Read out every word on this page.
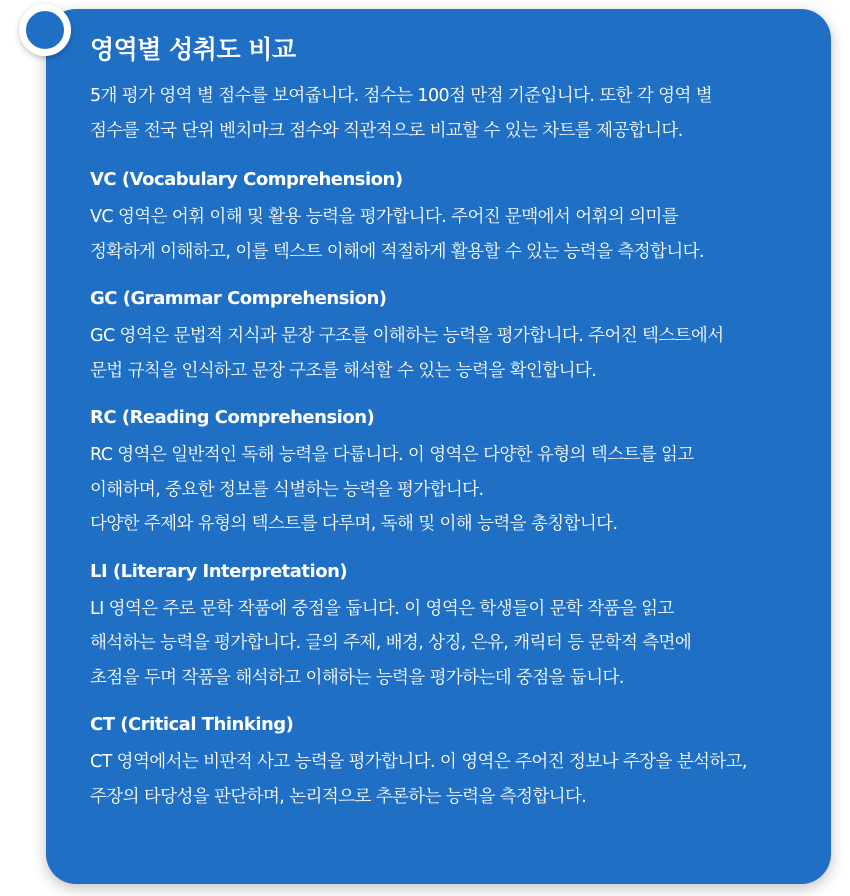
영역별 성취도 비교

5개 평가 영역 별 점수를 보여줍니다. 점수는 100점 만점 기준입니다. 또한 각 영역 별

점수를 전국 단위 벤치마크 점수와 직관적으로 비교할 수 있는 차트를 제공합니다.

VC (Vocabulary Comprehension)

VC 영역은 어휘 이해 및 활용 능력을 평가합니다. 주어진 문맥에서 어휘의 의미를

정확하게 이해하고, 이를 텍스트 이해에 적절하게 활용할 수 있는 능력을 측정합니다.

GC (Grammar Comprehension)

GC 영역은 문법적 지식과 문장 구조를 이해하는 능력을 평가합니다. 주어진 텍스트에서

문법 규칙을 인식하고 문장 구조를 해석할 수 있는 능력을 확인합니다.

RC (Reading Comprehension)

RC 영역은 일반적인 독해 능력을 다룹니다. 이 영역은 다양한 유형의 텍스트를 읽고

이해하며, 중요한 정보를 식별하는 능력을 평가합니다.

다양한 주제와 유형의 텍스트를 다루며, 독해 및 이해 능력을 총칭합니다.

LI (Literary Interpretation)

LI 영역은 주로 문학 작품에 중점을 둡니다. 이 영역은 학생들이 문학 작품을 읽고

해석하는 능력을 평가합니다. 글의 주제, 배경, 상징, 은유, 캐릭터 등 문학적 측면에

초점을 두며 작품을 해석하고 이해하는 능력을 평가하는데 중점을 둡니다.

CT (Critical Thinking)

CT 영역에서는 비판적 사고 능력을 평가합니다. 이 영역은 주어진 정보나 주장을 분석하고,

주장의 타당성을 판단하며, 논리적으로 추론하는 능력을 측정합니다.
